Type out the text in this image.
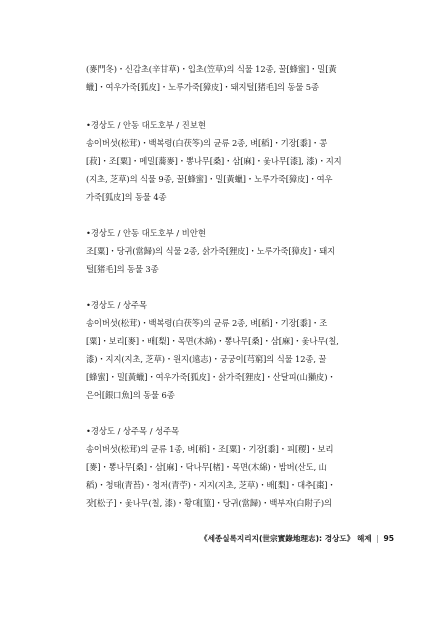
(麥門冬)・신감초(辛甘草)・입초(笠草)의 식물 12종, 꿀[蜂蜜]・밀[黃
蠟]・여우가죽[狐皮]・노루가죽[獐皮]・돼지털[猪毛]의 동물 5종
•경상도 / 안동 대도호부 / 진보현
송이버섯(松茸)・백복령(白茯笭)의 균류 2종, 벼[稻]・기장[黍]・콩
[菽]・조[粟]・메밀[蕎麥]・뽕나무[桑]・삼[麻]・옻나무[漆], 漆)・지지
(지초, 芝草)의 식물 9종, 꿀[蜂蜜]・밀[黃蠟]・노루가죽[獐皮]・여우
가죽[狐皮]의 동물 4종
•경상도 / 안동 대도호부 / 비안현
조[粟]・당귀(當歸)의 식물 2종, 삵가죽[狸皮]・노루가죽[獐皮]・돼지
털[猪毛]의 동물 3종
•경상도 / 상주목
송이버섯(松茸)・백복령(白茯笭)의 균류 2종, 벼[稻]・기장[黍]・조
[粟]・보리[麥]・배[梨]・목면(木綿)・뽕나무[桑]・삼[麻]・옻나무(칠,
漆)・지지(지초, 芝草)・원지(遠志)・궁궁이[芎窮]의 식물 12종, 꿀
[蜂蜜]・밀[黃蠟]・여우가죽[狐皮]・삵가죽[狸皮]・산달피(山獺皮)・
은어[銀口魚]의 동물 6종
•경상도 / 상주목 / 성주목
송이버섯(松茸)의 균류 1종, 벼[稻]・조[粟]・기장[黍]・피[稷]・보리
[麥]・뽕나무[桑]・삼[麻]・닥나무[楮]・목면(木綿)・밤버(산도, 山
稻)・청태(青苔)・청저(青苧)・지지(지초, 芝草)・배[梨]・대추[棗]・
잣[松子]・옻나무(칠, 漆)・황대[篁]・당귀(當歸)・백부자(白附子)의
《세종실록지리지(世宗實錄地理志): 경상도》 해제 | 95
